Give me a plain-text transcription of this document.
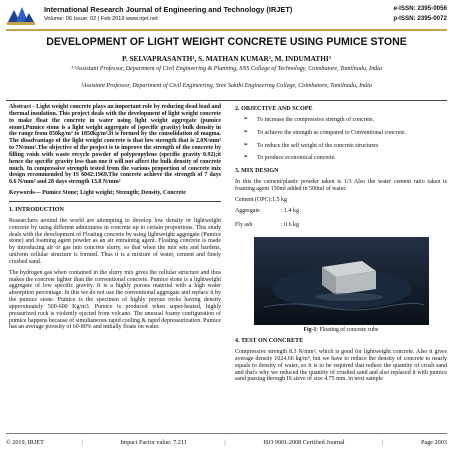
International Research Journal of Engineering and Technology (IRJET)
Volume: 06 Issue: 02 | Feb 2019 www.irjet.net
e-ISSN: 2395-0056
p-ISSN: 2395-0072
DEVELOPMENT OF LIGHT WEIGHT CONCRETE USING PUMICE STONE
P. SELVAPRASANTH¹, S. MATHAN KUMAR², M. INDUMATHI³
¹ ³Assistant Professor, Department of Civil Engineering & Planning, SNS College of Technology, Coimbatore, Tamilnadu, India
²Assistant Professor, Department of Civil Engineering, Sree Sakthi Engineering College, Coimbatore, Tamilnadu, India

Abstract - Light weight concrete plays an important role by reducing dead load and thermal insulation. This project deals with the development of light weight concrete to make float the concrete in water using light weight aggregate (pumice stone).Pumice stone is a light weight aggregate of (specific gravity) bulk density in the range from 850kg/m³ to 1850kg/m³.It is formed by the consolidation of magma. The disadvantage of the light weight concrete is that low strength that is 2.0N/mm² to 7N/mm².The objective of the project is to improve the strength of the concrete by filling voids with waste recycle powder of polypropylene (specific gravity 0.92);it hence the specific gravity less than one it will not affect the bulk density of concrete much. In compressive strength tested from the various proportion of concrete mix design recommended by IS 6042:1969.The concrete achieve the strength of 7 days 8.6 N/mm² and 28 days strength 13.8 N/mm²

Keywords— Pumice Stone; Light weight; Strength; Density, Concrete

1. INTRODUCTION

Researchers around the world are attempting to develop low density or lightweight concrete by using different admixtures in concrete up to certain proportions. This study deals with the development of Floating concrete by using lightweight aggregate (Pumice stone) and foaming agent powder as an air entraining agent. Floating concrete is made by introducing air or gas into concrete slurry, so that when the mix sets and hardens, uniform cellular structure is formed. Thus it is a mixture of water, cement and finely crushed sand.

The hydrogen gas when contained in the slurry mix gives the cellular structure and thus makes the concrete lighter than the conventional concrete. Pumice stone is a lightweight aggregate of low specific gravity. It is a highly porous material with a high water absorption percentage. In this we do not use the conventional aggregate and replace it by the pumice stone. Pumice is the specimen of highly porous rocks having density approximately 500-600 Kg/m3. Pumice is produced when super-heated, highly pressurized rock is violently ejected from volcano. The unusual foamy configuration of pumice happens because of simultaneous rapid cooling & rapid depressurization. Pumice has an average porosity of 60-80% and initially floats on water.

2. OBJECTIVE AND SCOPE
➢ To increase the compressive strength of concrete.
➢ To achieve the strength as compared to Conventional concrete.
➢ To reduce the self weight of the concrete structures
➢ To produce economical concrete.
3. MIX DESIGN

In this the cement/plastic powder taken is 1/3 Also the water cement ratio taken is foaming agent 150ml added in 500ml of water.

Cement (OPC):1.5 kg

Aggregate	: 1.4 kg
Fly ash	: 0.6 kg
Fig-1: Floating of concrete cube
4. TEST ON CONCRETE

Compressive strength 8.3 N/mm², which is good for lightweight concrete. Also it gives average density 1024.66 kg/m³, but we have to reduce the density of concrete to nearly equals to density of water, so it is to be required that reduce the quantity of crush sand and that's why we reduced the quantity of crushed sand and also replaced it with pumice sand passing through IS sieve of size 4.75 mm. in next sample

© 2019, IRJET	|	Impact Factor value: 7.211	|	ISO 9001:2008 Certified Journal	|	Page 2003
